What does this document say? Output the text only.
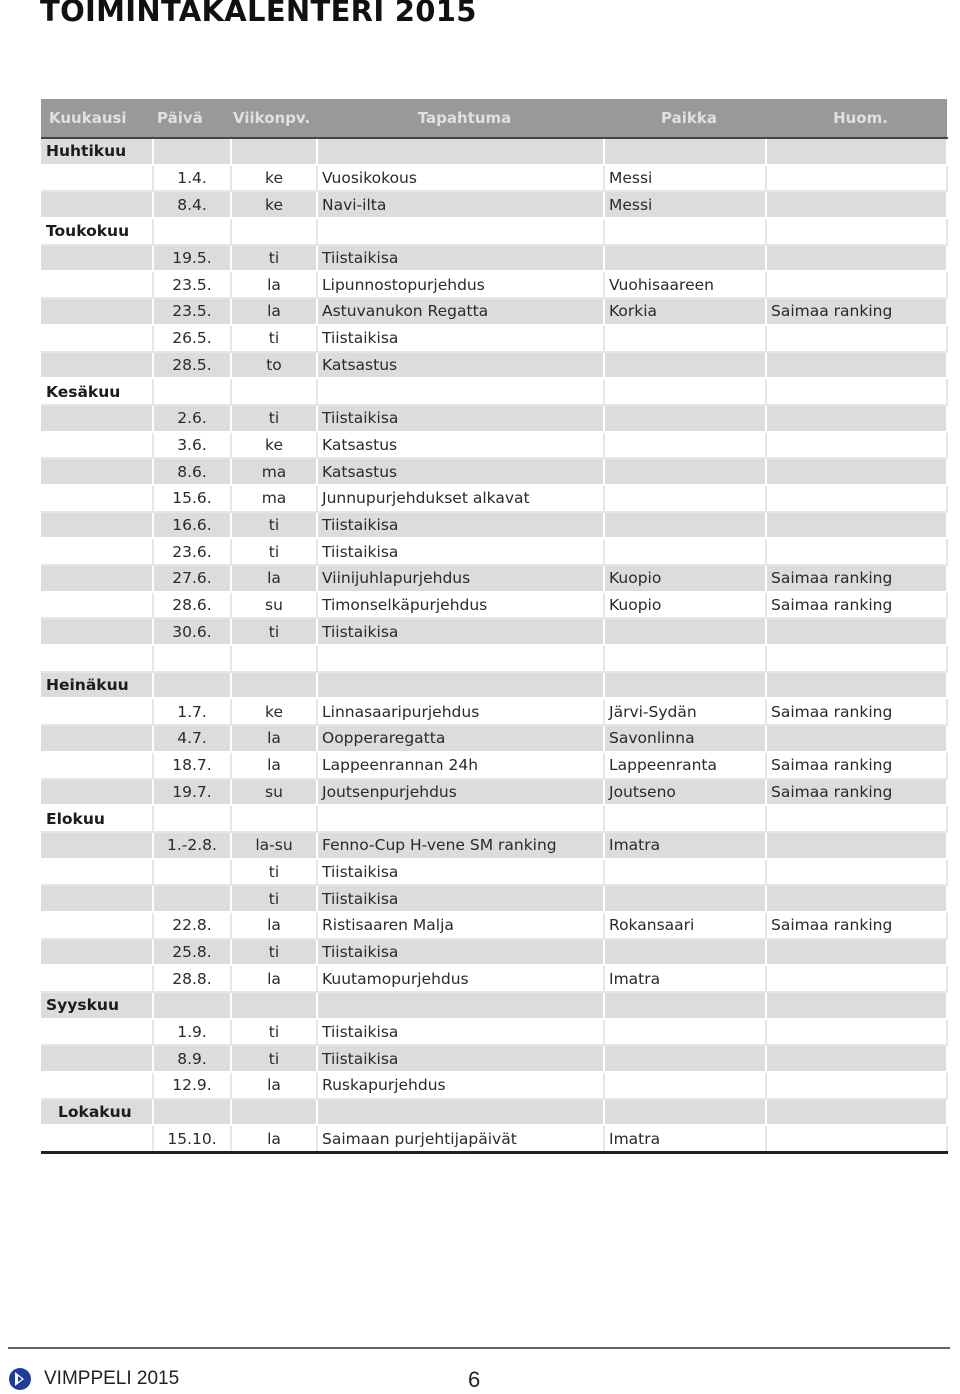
TOIMINTAKALENTERI 2015
Kuukausi	Päivä	Viikonpv.	Tapahtuma	Paikka	Huom.
Huhtikuu					
	1.4.	ke	Vuosikokous	Messi	
	8.4.	ke	Navi-ilta	Messi	
Toukokuu					
	19.5.	ti	Tiistaikisa		
	23.5.	la	Lipunnostopurjehdus	Vuohisaareen	
	23.5.	la	Astuvanukon Regatta	Korkia	Saimaa ranking
	26.5.	ti	Tiistaikisa		
	28.5.	to	Katsastus		
Kesäkuu					
	2.6.	ti	Tiistaikisa		
	3.6.	ke	Katsastus		
	8.6.	ma	Katsastus		
	15.6.	ma	Junnupurjehdukset alkavat		
	16.6.	ti	Tiistaikisa		
	23.6.	ti	Tiistaikisa		
	27.6.	la	Viinijuhlapurjehdus	Kuopio	Saimaa ranking
	28.6.	su	Timonselkäpurjehdus	Kuopio	Saimaa ranking
	30.6.	ti	Tiistaikisa		

Heinäkuu					
	1.7.	ke	Linnasaaripurjehdus	Järvi-Sydän	Saimaa ranking
	4.7.	la	Oopperaregatta	Savonlinna	
	18.7.	la	Lappeenrannan 24h	Lappeenranta	Saimaa ranking
	19.7.	su	Joutsenpurjehdus	Joutseno	Saimaa ranking
Elokuu					
	1.-2.8.	la-su	Fenno-Cup H-vene SM ranking	Imatra	
		ti	Tiistaikisa		
		ti	Tiistaikisa		
	22.8.	la	Ristisaaren Malja	Rokansaari	Saimaa ranking
	25.8.	ti	Tiistaikisa		
	28.8.	la	Kuutamopurjehdus	Imatra	
Syyskuu					
	1.9.	ti	Tiistaikisa		
	8.9.	ti	Tiistaikisa		
	12.9.	la	Ruskapurjehdus		
Lokakuu					
	15.10.	la	Saimaan purjehtijapäivät	Imatra	
VIMPPELI 2015	6
